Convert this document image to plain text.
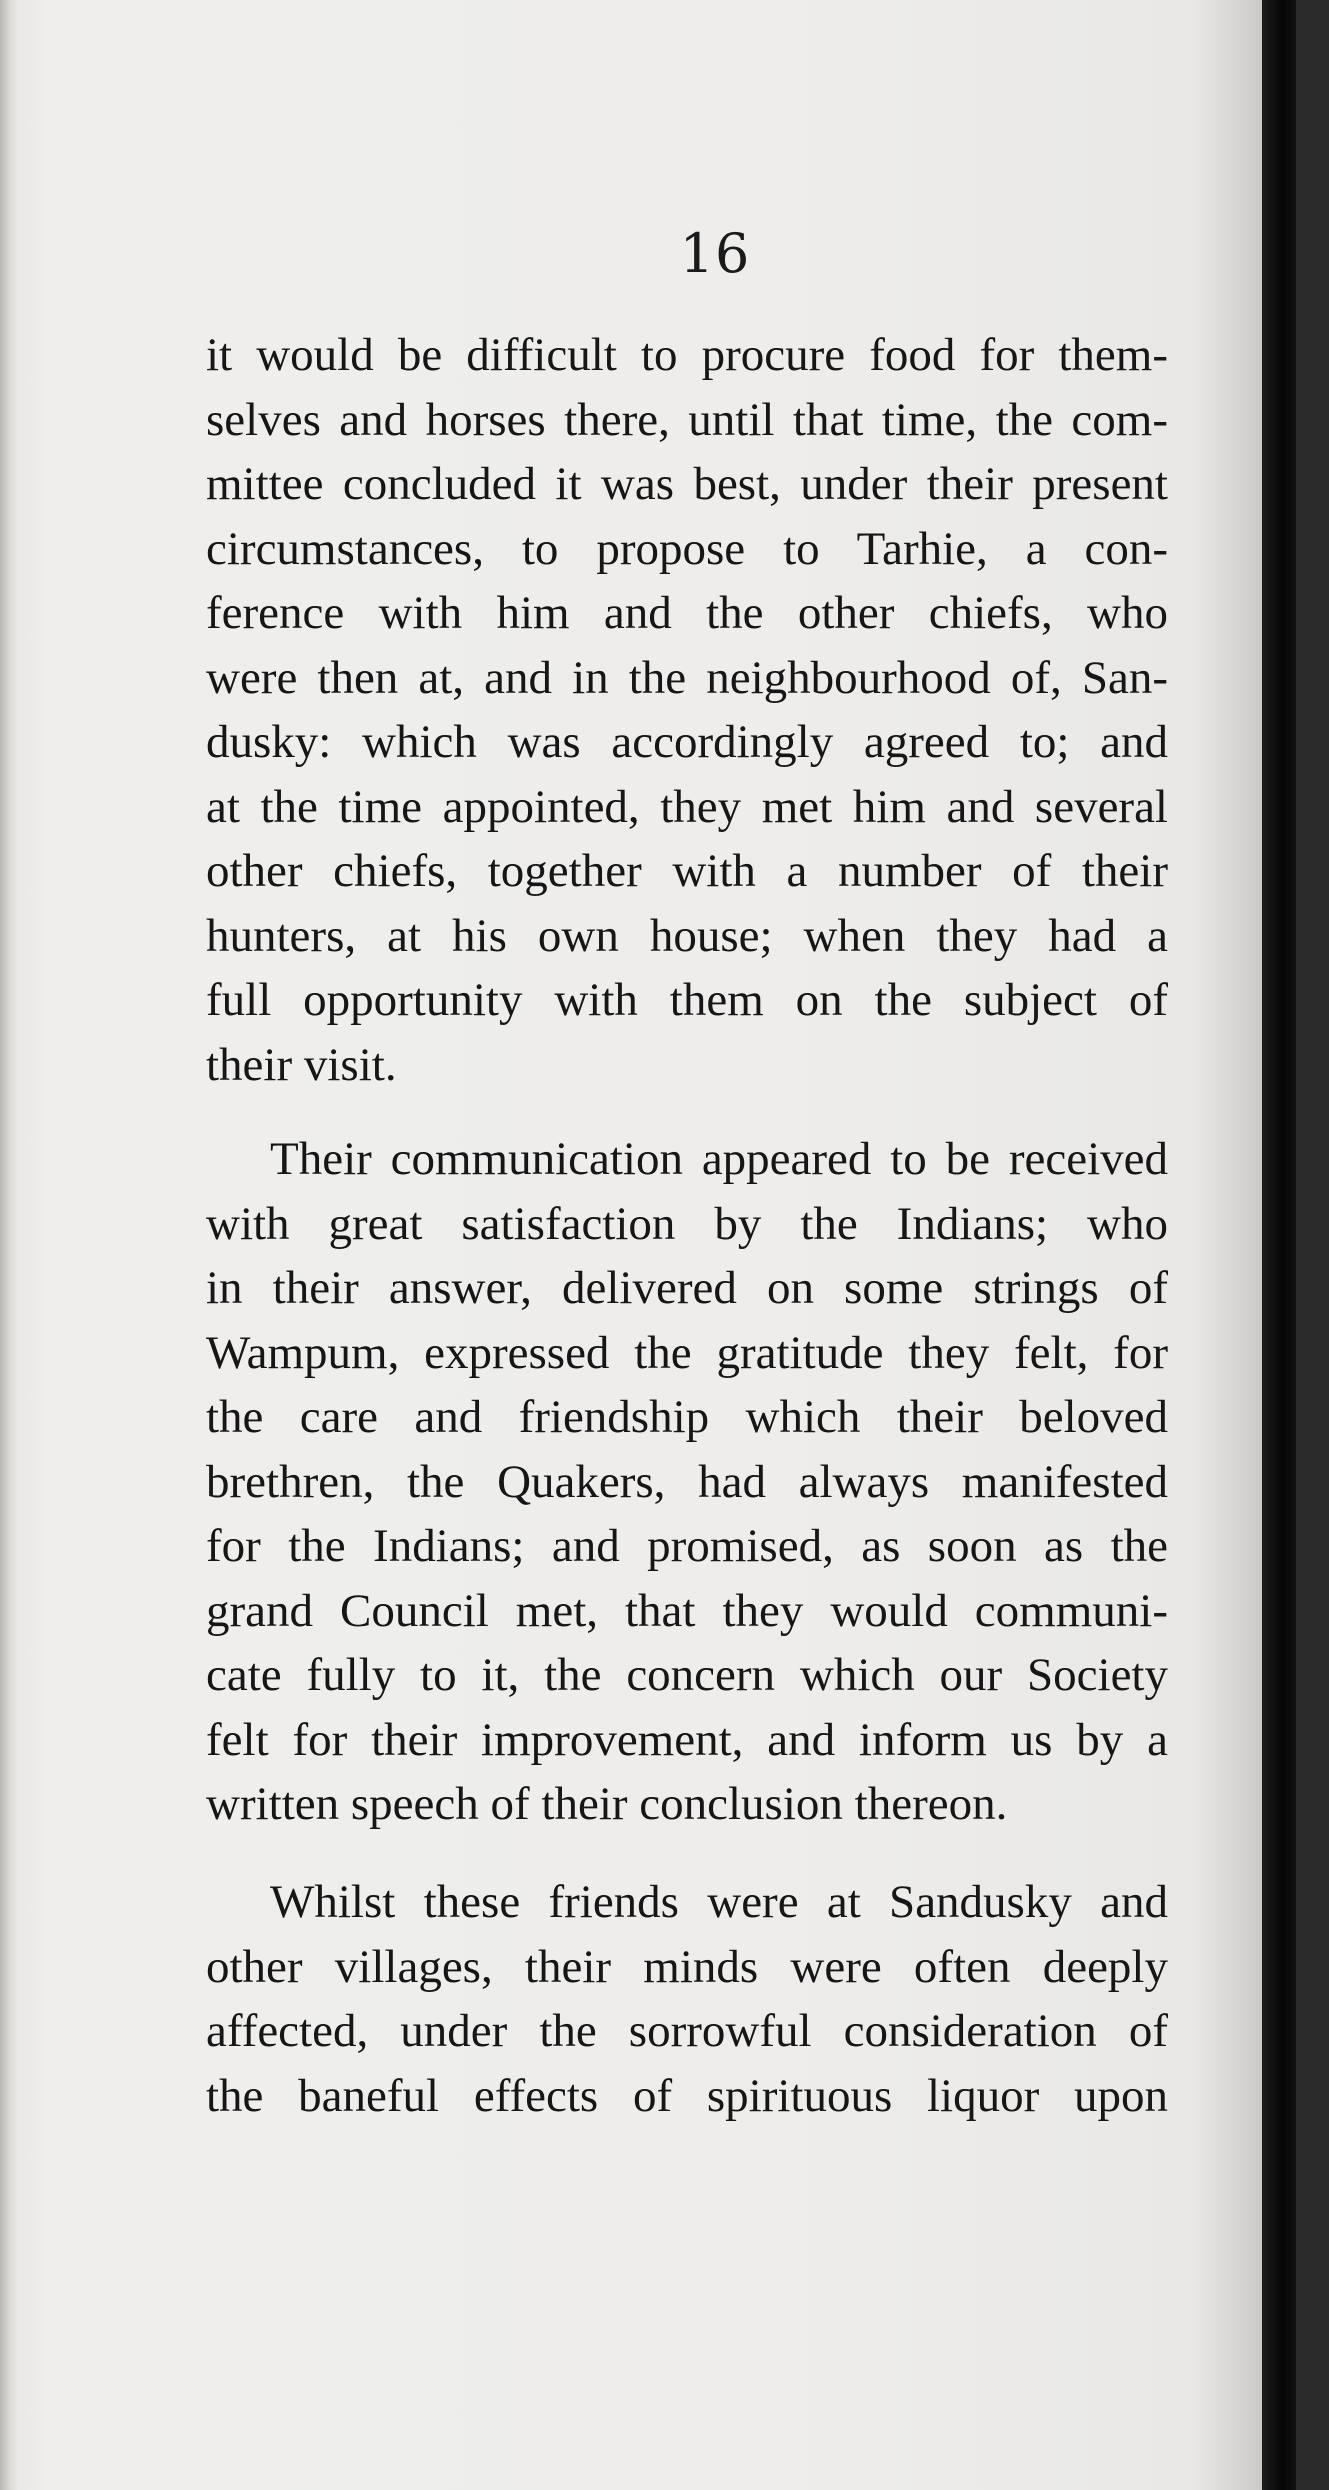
16
it would be difficult to procure food for them-
selves and horses there, until that time, the com-
mittee concluded it was best, under their present
circumstances, to propose to Tarhie, a con-
ference with him and the other chiefs, who
were then at, and in the neighbourhood of, San-
dusky: which was accordingly agreed to; and
at the time appointed, they met him and several
other chiefs, together with a number of their
hunters, at his own house; when they had a
full opportunity with them on the subject of
their visit.
Their communication appeared to be received
with great satisfaction by the Indians; who
in their answer, delivered on some strings of
Wampum, expressed the gratitude they felt, for
the care and friendship which their beloved
brethren, the Quakers, had always manifested
for the Indians; and promised, as soon as the
grand Council met, that they would communi-
cate fully to it, the concern which our Society
felt for their improvement, and inform us by a
written speech of their conclusion thereon.
Whilst these friends were at Sandusky and
other villages, their minds were often deeply
affected, under the sorrowful consideration of
the baneful effects of spirituous liquor upon
